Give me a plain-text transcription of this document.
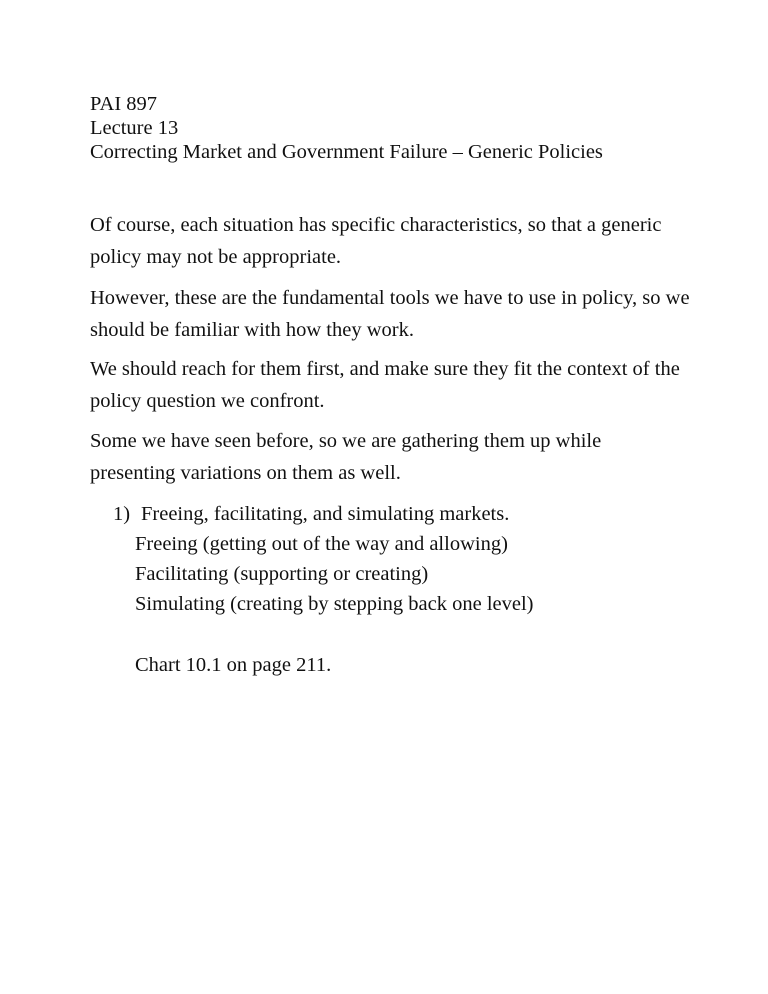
PAI 897
Lecture 13
Correcting Market and Government Failure – Generic Policies

Of course, each situation has specific characteristics, so that a generic policy may not be appropriate.

However, these are the fundamental tools we have to use in policy, so we should be familiar with how they work.

We should reach for them first, and make sure they fit the context of the policy question we confront.

Some we have seen before, so we are gathering them up while presenting variations on them as well.

1) Freeing, facilitating, and simulating markets.
Freeing (getting out of the way and allowing)
Facilitating (supporting or creating)
Simulating (creating by stepping back one level)
Chart 10.1 on page 211.
